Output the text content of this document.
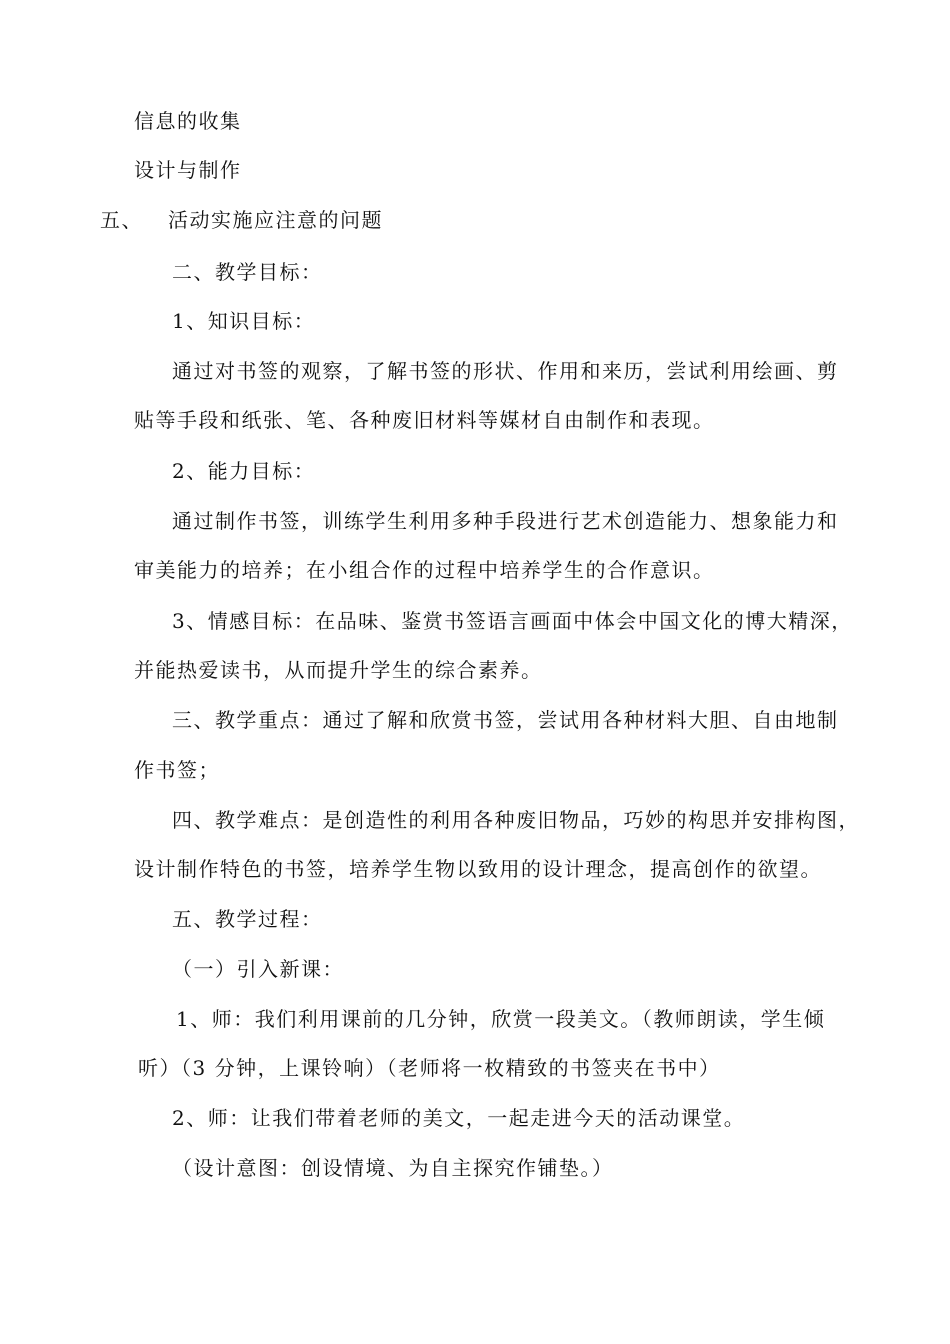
信息的收集
设计与制作
五、 活动实施应注意的问题
二、教学目标：
1、知识目标：
通过对书签的观察，了解书签的形状、作用和来历，尝试利用绘画、剪
贴等手段和纸张、笔、各种废旧材料等媒材自由制作和表现。
2、能力目标：
通过制作书签，训练学生利用多种手段进行艺术创造能力、想象能力和
审美能力的培养；在小组合作的过程中培养学生的合作意识。
3、情感目标：在品味、鉴赏书签语言画面中体会中国文化的博大精深，
并能热爱读书，从而提升学生的综合素养。
三、教学重点：通过了解和欣赏书签，尝试用各种材料大胆、自由地制
作书签；
四、教学难点：是创造性的利用各种废旧物品，巧妙的构思并安排构图，
设计制作特色的书签，培养学生物以致用的设计理念，提高创作的欲望。
五、教学过程：
（一）引入新课：
1、师：我们利用课前的几分钟，欣赏一段美文。（教师朗读，学生倾
听）（3 分钟，上课铃响）（老师将一枚精致的书签夹在书中）
2、师：让我们带着老师的美文，一起走进今天的活动课堂。
（设计意图：创设情境、为自主探究作铺垫。）
